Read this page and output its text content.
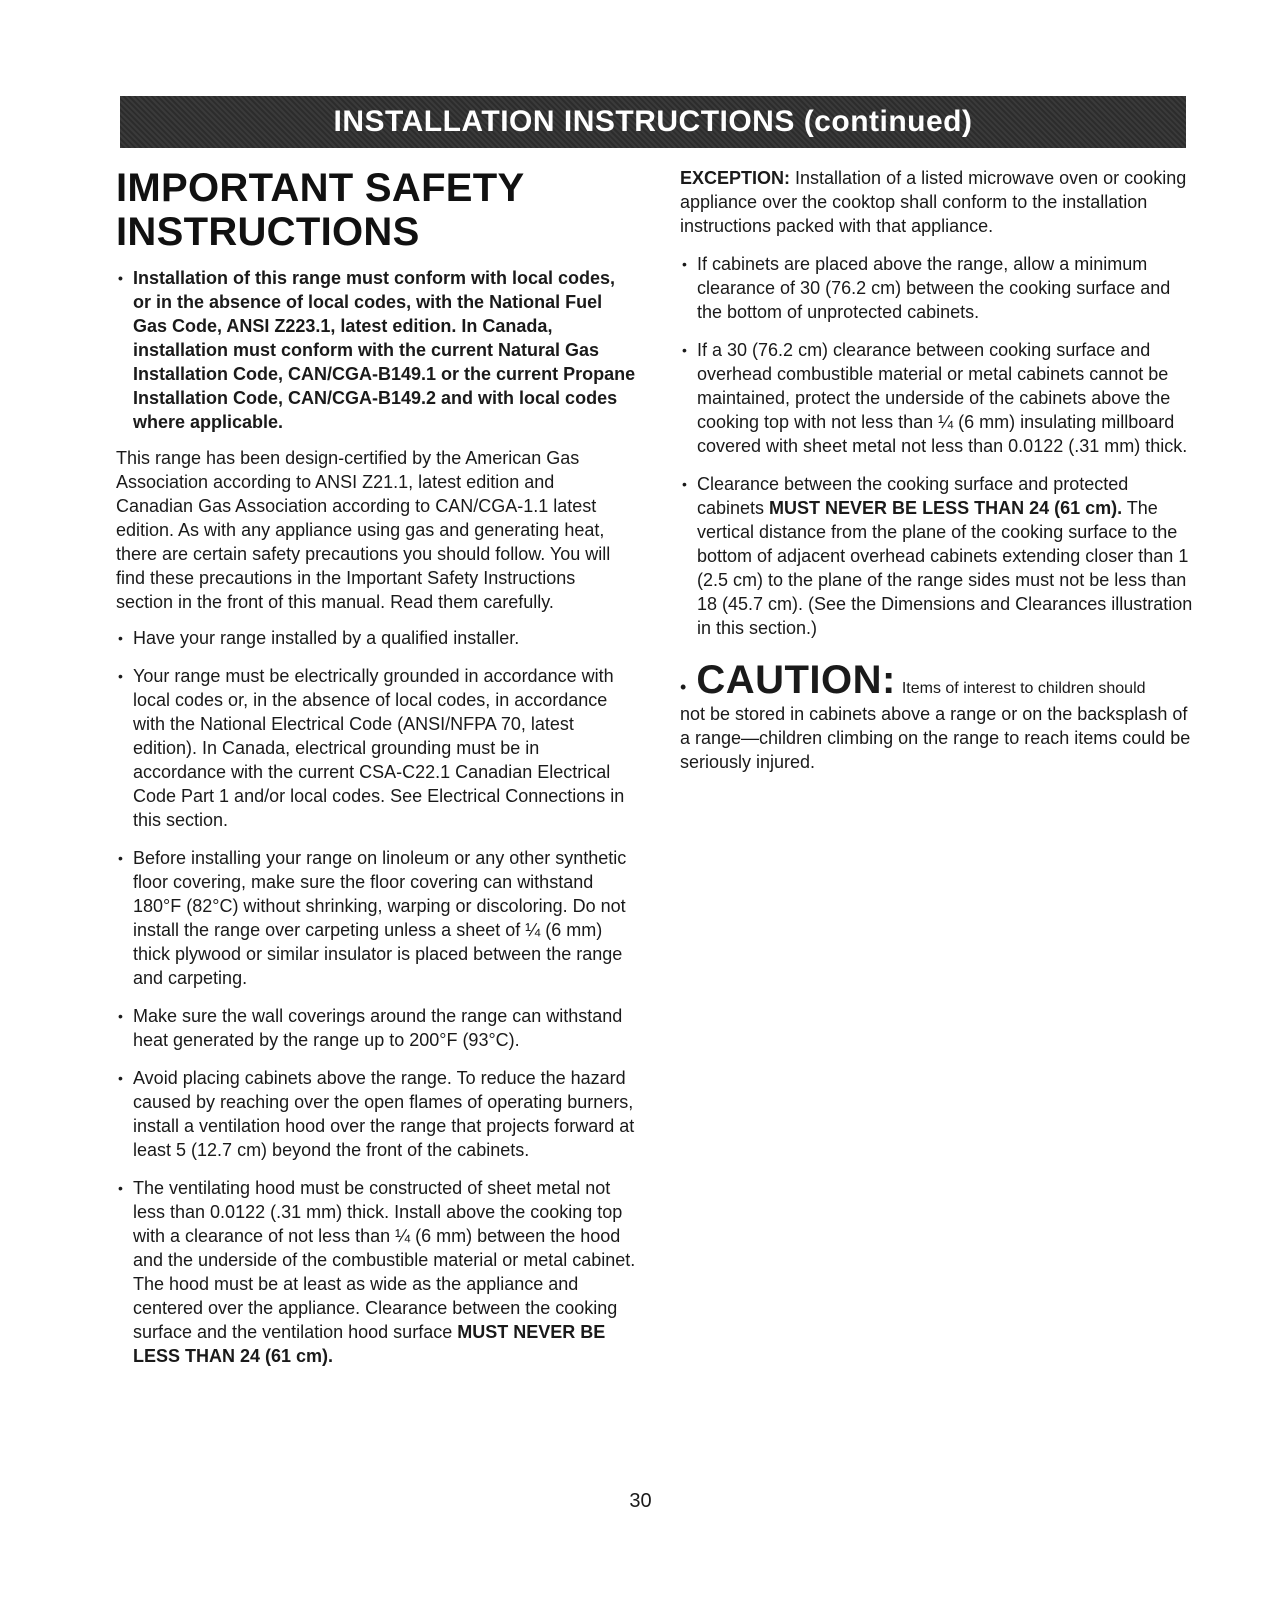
INSTALLATION INSTRUCTIONS (continued)
IMPORTANT SAFETY
INSTRUCTIONS
• Installation of this range must conform with local codes, or in the absence of local codes, with the National Fuel Gas Code, ANSI Z223.1, latest edition. In Canada, installation must conform with the current Natural Gas Installation Code, CAN/CGA-B149.1 or the current Propane Installation Code, CAN/CGA-B149.2 and with local codes where applicable.

This range has been design-certified by the American Gas Association according to ANSI Z21.1, latest edition and Canadian Gas Association according to CAN/CGA-1.1 latest edition. As with any appliance using gas and generating heat, there are certain safety precautions you should follow. You will find these precautions in the Important Safety Instructions section in the front of this manual. Read them carefully.

• Have your range installed by a qualified installer.
• Your range must be electrically grounded in accordance with local codes or, in the absence of local codes, in accordance with the National Electrical Code (ANSI/NFPA 70, latest edition). In Canada, electrical grounding must be in accordance with the current CSA-C22.1 Canadian Electrical Code Part 1 and/or local codes. See Electrical Connections in this section.
• Before installing your range on linoleum or any other synthetic floor covering, make sure the floor covering can withstand 180°F (82°C) without shrinking, warping or discoloring. Do not install the range over carpeting unless a sheet of ¼ (6 mm) thick plywood or similar insulator is placed between the range and carpeting.
• Make sure the wall coverings around the range can withstand heat generated by the range up to 200°F (93°C).
• Avoid placing cabinets above the range. To reduce the hazard caused by reaching over the open flames of operating burners, install a ventilation hood over the range that projects forward at least 5 (12.7 cm) beyond the front of the cabinets.
• The ventilating hood must be constructed of sheet metal not less than 0.0122 (.31 mm) thick. Install above the cooking top with a clearance of not less than ¼ (6 mm) between the hood and the underside of the combustible material or metal cabinet. The hood must be at least as wide as the appliance and centered over the appliance. Clearance between the cooking surface and the ventilation hood surface MUST NEVER BE LESS THAN 24 (61 cm).

EXCEPTION: Installation of a listed microwave oven or cooking appliance over the cooktop shall conform to the installation instructions packed with that appliance.

• If cabinets are placed above the range, allow a minimum clearance of 30 (76.2 cm) between the cooking surface and the bottom of unprotected cabinets.
• If a 30 (76.2 cm) clearance between cooking surface and overhead combustible material or metal cabinets cannot be maintained, protect the underside of the cabinets above the cooking top with not less than ¼ (6 mm) insulating millboard covered with sheet metal not less than 0.0122 (.31 mm) thick.
• Clearance between the cooking surface and protected cabinets MUST NEVER BE LESS THAN 24 (61 cm). The vertical distance from the plane of the cooking surface to the bottom of adjacent overhead cabinets extending closer than 1 (2.5 cm) to the plane of the range sides must not be less than 18 (45.7 cm). (See the Dimensions and Clearances illustration in this section.)
• CAUTION: Items of interest to children should

not be stored in cabinets above a range or on the backsplash of a range—children climbing on the range to reach items could be seriously injured.

30
